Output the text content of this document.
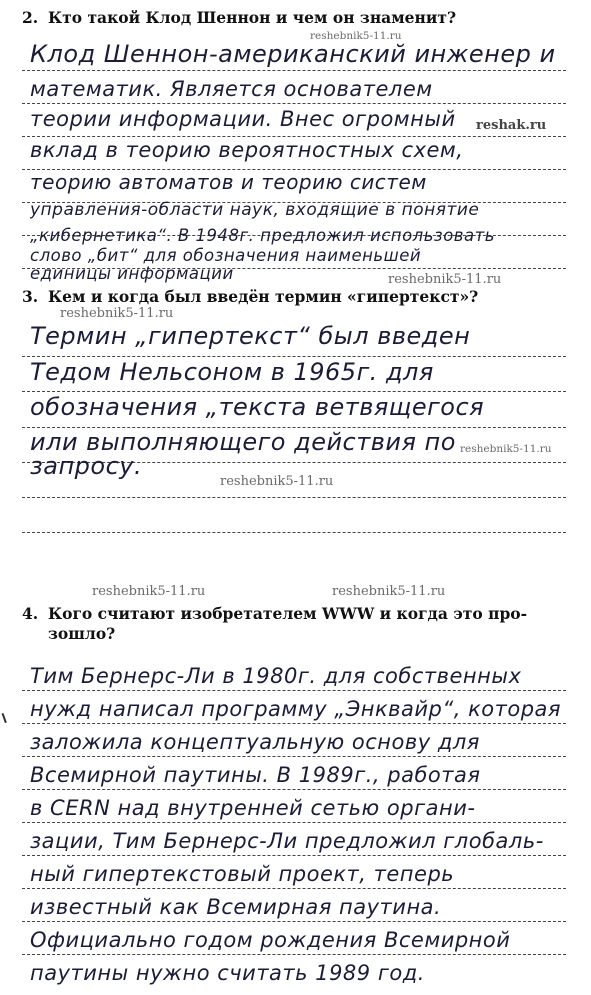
2. Кто такой Клод Шеннон и чем он знаменит?
reshebnik5-11.ru
Клод Шеннон-американский инженер и
математик. Является основателем
теории информации. Внес огромный	reshak.ru
вклад в теорию вероятностных схем,
теорию автоматов и теорию систем
управления-области наук, входящие в понятие
„кибернетика“. В 1948г. предложил использовать
слово „бит“ для обозначения наименьшей
единицы информации	reshebnik5-11.ru
3. Кем и когда был введён термин «гипертекст»?
reshebnik5-11.ru
Термин „гипертекст“ был введен
Тедом Нельсоном в 1965г. для
обозначения „текста ветвящегося
или выполняющего действия по reshebnik5-11.ru
запросу.
reshebnik5-11.ru
reshebnik5-11.ru	reshebnik5-11.ru
4. Кого считают изобретателем WWW и когда это про-
зошло?
Тим Бернерс-Ли в 1980г. для собственных
нужд написал программу „Энквайр“, которая
заложила концептуальную основу для
Всемирной паутины. В 1989г., работая
в CERN над внутренней сетью органи-
зации, Тим Бернерс-Ли предложил глобаль-
ный гипертекстовый проект, теперь
известный как Всемирная паутина.
Официально годом рождения Всемирной
паутины нужно считать 1989 год.
